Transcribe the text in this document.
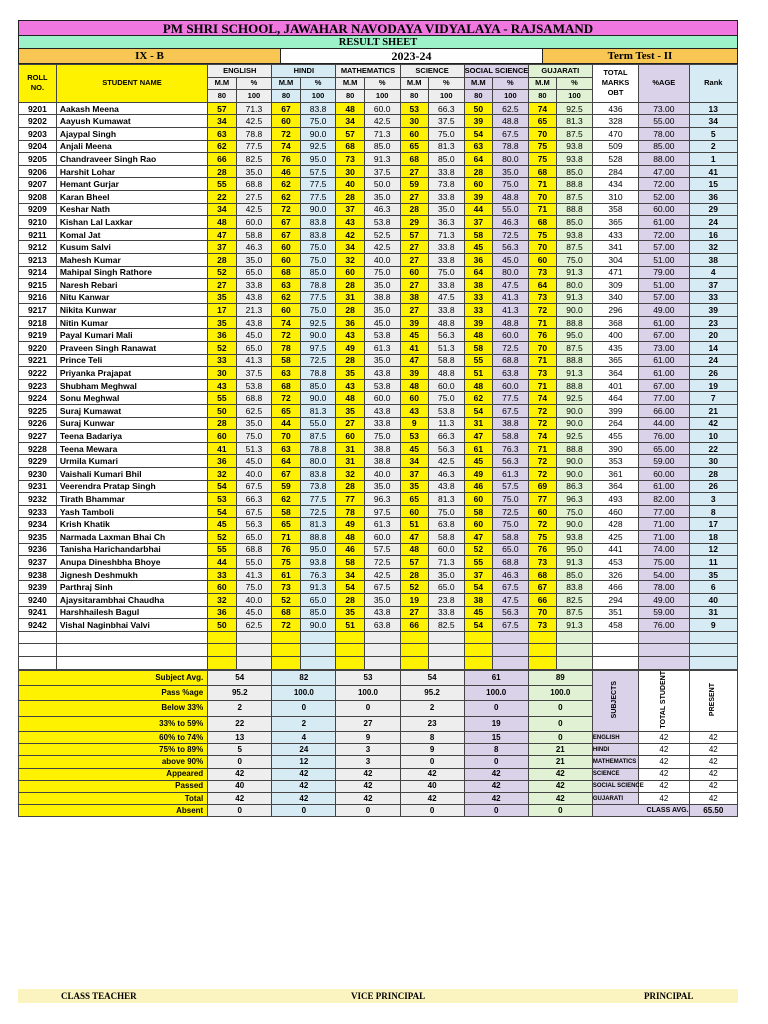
PM SHRI SCHOOL, JAWAHAR NAVODAYA VIDYALAYA - RAJSAMAND
RESULT SHEET
IX - B	2023-24	Term Test - II
ROLL
NO.	STUDENT NAME	ENGLISH		HINDI		MATHEMATICS		SCIENCE		SOCIAL SCIENCE		GUJARATI		TOTAL
MARKS
OBT	%AGE	Rank
		M.M	%	M.M	%	M.M	%	M.M	%	M.M	%	M.M	%			
		80	100	80	100	80	100	80	100	80	100	80	100			
9201	Aakash Meena	57	71.3	67	83.8	48	60.0	53	66.3	50	62.5	74	92.5	436	73.00	13
9202	Aayush Kumawat	34	42.5	60	75.0	34	42.5	30	37.5	39	48.8	65	81.3	328	55.00	34
9203	Ajaypal Singh	63	78.8	72	90.0	57	71.3	60	75.0	54	67.5	70	87.5	470	78.00	5
9204	Anjali Meena	62	77.5	74	92.5	68	85.0	65	81.3	63	78.8	75	93.8	509	85.00	2
9205	Chandraveer Singh Rao	66	82.5	76	95.0	73	91.3	68	85.0	64	80.0	75	93.8	528	88.00	1
9206	Harshit Lohar	28	35.0	46	57.5	30	37.5	27	33.8	28	35.0	68	85.0	284	47.00	41
9207	Hemant Gurjar	55	68.8	62	77.5	40	50.0	59	73.8	60	75.0	71	88.8	434	72.00	15
9208	Karan Bheel	22	27.5	62	77.5	28	35.0	27	33.8	39	48.8	70	87.5	310	52.00	36
9209	Keshar Nath	34	42.5	72	90.0	37	46.3	28	35.0	44	55.0	71	88.8	358	60.00	29
9210	Kishan Lal Laxkar	48	60.0	67	83.8	43	53.8	29	36.3	37	46.3	68	85.0	365	61.00	24
9211	Komal Jat	47	58.8	67	83.8	42	52.5	57	71.3	58	72.5	75	93.8	433	72.00	16
9212	Kusum Salvi	37	46.3	60	75.0	34	42.5	27	33.8	45	56.3	70	87.5	341	57.00	32
9213	Mahesh Kumar	28	35.0	60	75.0	32	40.0	27	33.8	36	45.0	60	75.0	304	51.00	38
9214	Mahipal Singh Rathore	52	65.0	68	85.0	60	75.0	60	75.0	64	80.0	73	91.3	471	79.00	4
9215	Naresh Rebari	27	33.8	63	78.8	28	35.0	27	33.8	38	47.5	64	80.0	309	51.00	37
9216	Nitu Kanwar	35	43.8	62	77.5	31	38.8	38	47.5	33	41.3	73	91.3	340	57.00	33
9217	Nikita Kunwar	17	21.3	60	75.0	28	35.0	27	33.8	33	41.3	72	90.0	296	49.00	39
9218	Nitin Kumar	35	43.8	74	92.5	36	45.0	39	48.8	39	48.8	71	88.8	368	61.00	23
9219	Payal Kumari Mali	36	45.0	72	90.0	43	53.8	45	56.3	48	60.0	76	95.0	400	67.00	20
9220	Praveen Singh Ranawat	52	65.0	78	97.5	49	61.3	41	51.3	58	72.5	70	87.5	435	73.00	14
9221	Prince Teli	33	41.3	58	72.5	28	35.0	47	58.8	55	68.8	71	88.8	365	61.00	24
9222	Priyanka Prajapat	30	37.5	63	78.8	35	43.8	39	48.8	51	63.8	73	91.3	364	61.00	26
9223	Shubham Meghwal	43	53.8	68	85.0	43	53.8	48	60.0	48	60.0	71	88.8	401	67.00	19
9224	Sonu Meghwal	55	68.8	72	90.0	48	60.0	60	75.0	62	77.5	74	92.5	464	77.00	7
9225	Suraj Kumawat	50	62.5	65	81.3	35	43.8	43	53.8	54	67.5	72	90.0	399	66.00	21
9226	Suraj Kunwar	28	35.0	44	55.0	27	33.8	9	11.3	31	38.8	72	90.0	264	44.00	42
9227	Teena Badariya	60	75.0	70	87.5	60	75.0	53	66.3	47	58.8	74	92.5	455	76.00	10
9228	Teena Mewara	41	51.3	63	78.8	31	38.8	45	56.3	61	76.3	71	88.8	390	65.00	22
9229	Urmila Kumari	36	45.0	64	80.0	31	38.8	34	42.5	45	56.3	72	90.0	353	59.00	30
9230	Vaishali Kumari Bhil	32	40.0	67	83.8	32	40.0	37	46.3	49	61.3	72	90.0	361	60.00	28
9231	Veerendra Pratap Singh	54	67.5	59	73.8	28	35.0	35	43.8	46	57.5	69	86.3	364	61.00	26
9232	Tirath Bhammar	53	66.3	62	77.5	77	96.3	65	81.3	60	75.0	77	96.3	493	82.00	3
9233	Yash Tamboli	54	67.5	58	72.5	78	97.5	60	75.0	58	72.5	60	75.0	460	77.00	8
9234	Krish Khatik	45	56.3	65	81.3	49	61.3	51	63.8	60	75.0	72	90.0	428	71.00	17
9235	Narmada Laxman Bhai Ch	52	65.0	71	88.8	48	60.0	47	58.8	47	58.8	75	93.8	425	71.00	18
9236	Tanisha Harichandarbhai	55	68.8	76	95.0	46	57.5	48	60.0	52	65.0	76	95.0	441	74.00	12
9237	Anupa Dineshbha Bhoye	44	55.0	75	93.8	58	72.5	57	71.3	55	68.8	73	91.3	453	75.00	11
9238	Jignesh Deshmukh	33	41.3	61	76.3	34	42.5	28	35.0	37	46.3	68	85.0	326	54.00	35
9239	Parthraj Sinh	60	75.0	73	91.3	54	67.5	52	65.0	54	67.5	67	83.8	466	78.00	6
9240	Ajaysitarambhai Chaudha	32	40.0	52	65.0	28	35.0	19	23.8	38	47.5	66	82.5	294	49.00	40
9241	Harshhailesh Bagul	36	45.0	68	85.0	35	43.8	27	33.8	45	56.3	70	87.5	351	59.00	31
9242	Vishal Naginbhai Valvi	50	62.5	72	90.0	51	63.8	66	82.5	54	67.5	73	91.3	458	76.00	9

Subject Avg.	54	82	53	54	61	89	SUBJECTS	TOTAL STUDENT	PRESENT
Pass %age	95.2	100.0	100.0	95.2	100.0	100.0			
Below 33%	2	0	0	2	0	0			
33% to 59%	22	2	27	23	19	0			
60% to 74%	13	4	9	8	15	0	ENGLISH	42	42
75% to 89%	5	24	3	9	8	21	HINDI	42	42
above 90%	0	12	3	0	0	21	MATHEMATICS	42	42
Appeared	42	42	42	42	42	42	SCIENCE	42	42
Passed	40	42	42	40	42	42	SOCIAL SCIENCE	42	42
Total	42	42	42	42	42	42	GUJARATI	42	42
Absent	0	0	0	0	0	0	CLASS AVG.		65.50
CLASS TEACHER	VICE PRINCIPAL	PRINCIPAL
